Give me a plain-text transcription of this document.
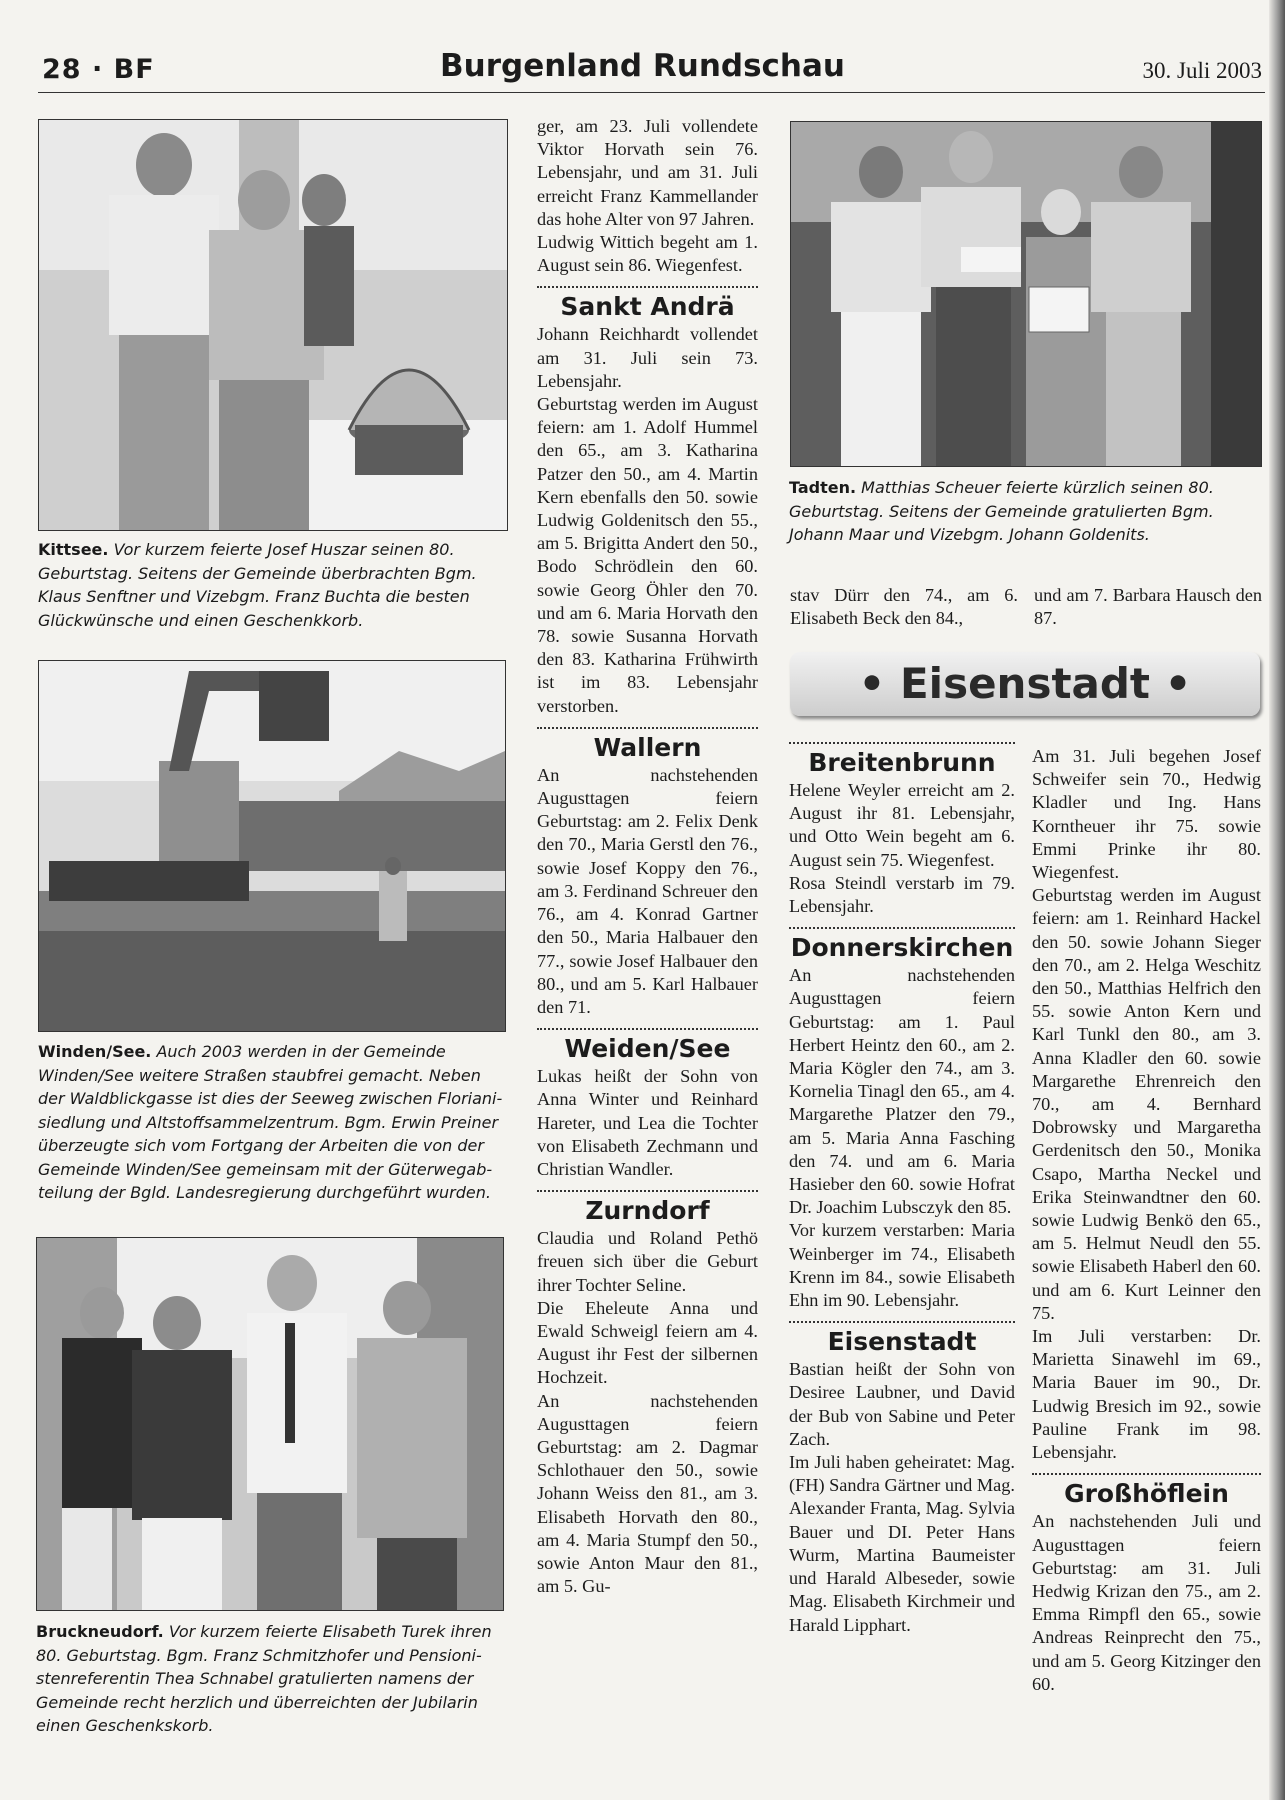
28 · BF	Burgenland Rundschau	30. Juli 2003
Kittsee. Vor kurzem feierte Josef Huszar seinen 80. Geburtstag. Seitens der Gemeinde überbrachten Bgm. Klaus Senftner und Vizebgm. Franz Buchta die besten Glückwünsche und einen Geschenkkorb.
Winden/See. Auch 2003 werden in der Gemeinde Winden/See weitere Straßen staubfrei gemacht. Neben der Waldblickgasse ist dies der Seeweg zwischen Florianisiedlung und Altstoffsammelzentrum. Bgm. Erwin Preiner überzeugte sich vom Fortgang der Arbeiten die von der Gemeinde Winden/See gemeinsam mit der Güterwegabteilung der Bgld. Landesregierung durchgeführt wurden.
Bruckneudorf. Vor kurzem feierte Elisabeth Turek ihren 80. Geburtstag. Bgm. Franz Schmitzhofer und Pensionistenreferentin Thea Schnabel gratulierten namens der Gemeinde recht herzlich und überreichten der Jubilarin einen Geschenkskorb.
Tadten. Matthias Scheuer feierte kürzlich seinen 80. Geburtstag. Seitens der Gemeinde gratulierten Bgm. Johann Maar und Vizebgm. Johann Goldenits.

ger, am 23. Juli vollendete Viktor Horvath sein 76. Lebensjahr, und am 31. Juli erreicht Franz Kammellander das hohe Alter von 97 Jahren.

Ludwig Wittich begeht am 1. August sein 86. Wiegenfest.

Sankt Andrä

Johann Reichhardt vollendet am 31. Juli sein 73. Lebensjahr.

Geburtstag werden im August feiern: am 1. Adolf Hummel den 65., am 3. Katharina Patzer den 50., am 4. Martin Kern ebenfalls den 50. sowie Ludwig Goldenitsch den 55., am 5. Brigitta Andert den 50., Bodo Schrödlein den 60. sowie Georg Öhler den 70. und am 6. Maria Horvath den 78. sowie Susanna Horvath den 83. Katharina Frühwirth ist im 83. Lebensjahr verstorben.

Wallern

An nachstehenden Augusttagen feiern Geburtstag: am 2. Felix Denk den 70., Maria Gerstl den 76., sowie Josef Koppy den 76., am 3. Ferdinand Schreuer den 76., am 4. Konrad Gartner den 50., Maria Halbauer den 77., sowie Josef Halbauer den 80., und am 5. Karl Halbauer den 71.

Weiden/See

Lukas heißt der Sohn von Anna Winter und Reinhard Hareter, und Lea die Tochter von Elisabeth Zechmann und Christian Wandler.

Zurndorf

Claudia und Roland Pethö freuen sich über die Geburt ihrer Tochter Seline.

Die Eheleute Anna und Ewald Schweigl feiern am 4. August ihr Fest der silbernen Hochzeit.

An nachstehenden Augusttagen feiern Geburtstag: am 2. Dagmar Schlothauer den 50., sowie Johann Weiss den 81., am 3. Elisabeth Horvath den 80., am 4. Maria Stumpf den 50., sowie Anton Maur den 81., am 5. Gu-

stav Dürr den 74., am 6. Elisabeth Beck den 84.,

und am 7. Barbara Hausch den 87.

• Eisenstadt •
Breitenbrunn

Helene Weyler erreicht am 2. August ihr 81. Lebensjahr, und Otto Wein begeht am 6. August sein 75. Wiegenfest.

Rosa Steindl verstarb im 79. Lebensjahr.

Donnerskirchen

An nachstehenden Augusttagen feiern Geburtstag: am 1. Paul Herbert Heintz den 60., am 2. Maria Kögler den 74., am 3. Kornelia Tinagl den 65., am 4. Margarethe Platzer den 79., am 5. Maria Anna Fasching den 74. und am 6. Maria Hasieber den 60. sowie Hofrat Dr. Joachim Lubsczyk den 85.

Vor kurzem verstarben: Maria Weinberger im 74., Elisabeth Krenn im 84., sowie Elisabeth Ehn im 90. Lebensjahr.

Eisenstadt

Bastian heißt der Sohn von Desiree Laubner, und David der Bub von Sabine und Peter Zach.

Im Juli haben geheiratet: Mag. (FH) Sandra Gärtner und Mag. Alexander Franta, Mag. Sylvia Bauer und DI. Peter Hans Wurm, Martina Baumeister und Harald Albeseder, sowie Mag. Elisabeth Kirchmeir und Harald Lipphart.

Am 31. Juli begehen Josef Schweifer sein 70., Hedwig Kladler und Ing. Hans Korntheuer ihr 75. sowie Emmi Prinke ihr 80. Wiegenfest.

Geburtstag werden im August feiern: am 1. Reinhard Hackel den 50. sowie Johann Sieger den 70., am 2. Helga Weschitz den 50., Matthias Helfrich den 55. sowie Anton Kern und Karl Tunkl den 80., am 3. Anna Kladler den 60. sowie Margarethe Ehrenreich den 70., am 4. Bernhard Dobrowsky und Margaretha Gerdenitsch den 50., Monika Csapo, Martha Neckel und Erika Steinwandtner den 60. sowie Ludwig Benkö den 65., am 5. Helmut Neudl den 55. sowie Elisabeth Haberl den 60. und am 6. Kurt Leinner den 75.

Im Juli verstarben: Dr. Marietta Sinawehl im 69., Maria Bauer im 90., Dr. Ludwig Bresich im 92., sowie Pauline Frank im 98. Lebensjahr.

Großhöflein

An nachstehenden Juli und Augusttagen feiern Geburtstag: am 31. Juli Hedwig Krizan den 75., am 2. Emma Rimpfl den 65., sowie Andreas Reinprecht den 75., und am 5. Georg Kitzinger den 60.
